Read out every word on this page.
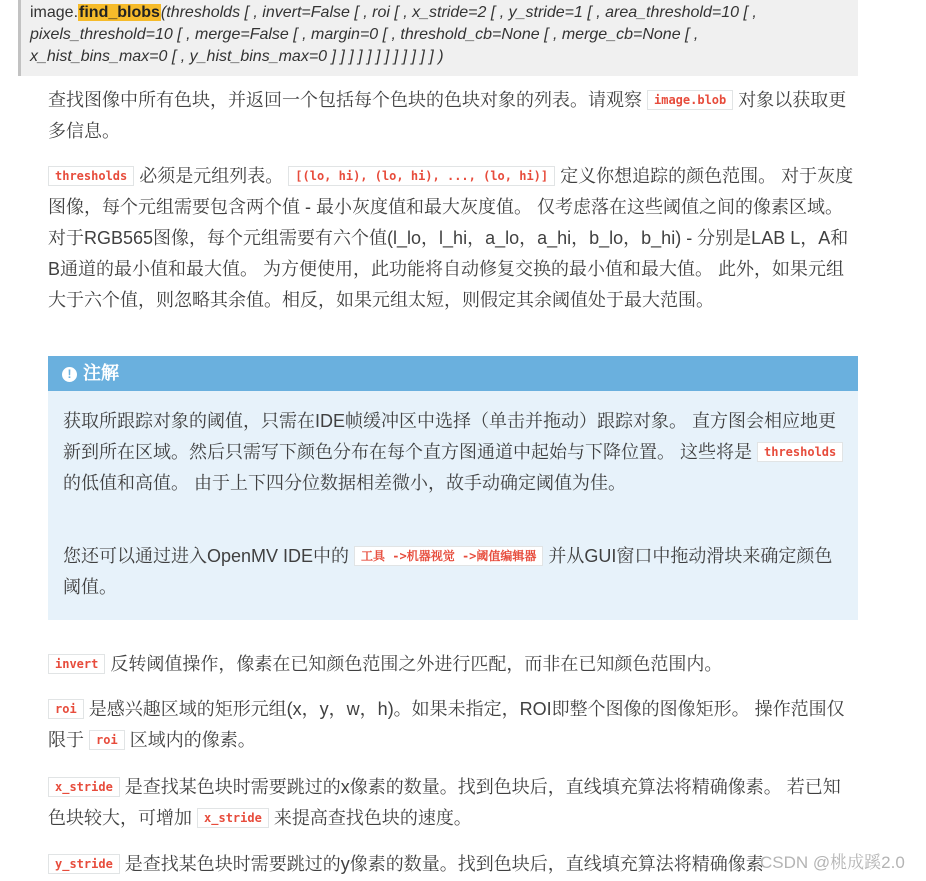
image.find_blobs(thresholds [ , invert=False [ , roi [ , x_stride=2 [ , y_stride=1 [ , area_threshold=10 [ ,
pixels_threshold=10 [ , merge=False [ , margin=0 [ , threshold_cb=None [ , merge_cb=None [ ,
x_hist_bins_max=0 [ , y_hist_bins_max=0 ] ] ] ] ] ] ] ] ] ] ] ] )

查找图像中所有色块，并返回一个包括每个色块的色块对象的列表。请观察 image.blob 对象以获取更多信息。

thresholds 必须是元组列表。 [(lo, hi), (lo, hi), ..., (lo, hi)] 定义你想追踪的颜色范围。 对于灰度图像，每个元组需要包含两个值 - 最小灰度值和最大灰度值。 仅考虑落在这些阈值之间的像素区域。 对于RGB565图像，每个元组需要有六个值(l_lo，l_hi，a_lo，a_hi，b_lo，b_hi) - 分别是LAB L，A和B通道的最小值和最大值。 为方便使用，此功能将自动修复交换的最小值和最大值。 此外，如果元组大于六个值，则忽略其余值。相反，如果元组太短，则假定其余阈值处于最大范围。

! 注解

获取所跟踪对象的阈值，只需在IDE帧缓冲区中选择（单击并拖动）跟踪对象。 直方图会相应地更新到所在区域。然后只需写下颜色分布在每个直方图通道中起始与下降位置。 这些将是 thresholds 的低值和高值。 由于上下四分位数据相差微小，故手动确定阈值为佳。

您还可以通过进入OpenMV IDE中的 工具 ->机器视觉 ->阈值编辑器 并从GUI窗口中拖动滑块来确定颜色阈值。

invert 反转阈值操作，像素在已知颜色范围之外进行匹配，而非在已知颜色范围内。

roi 是感兴趣区域的矩形元组(x，y，w，h)。如果未指定，ROI即整个图像的图像矩形。 操作范围仅限于 roi 区域内的像素。

x_stride 是查找某色块时需要跳过的x像素的数量。找到色块后，直线填充算法将精确像素。 若已知色块较大，可增加 x_stride 来提高查找色块的速度。

y_stride 是查找某色块时需要跳过的y像素的数量。找到色块后，直线填充算法将精确像素

CSDN @桃成蹊2.0
